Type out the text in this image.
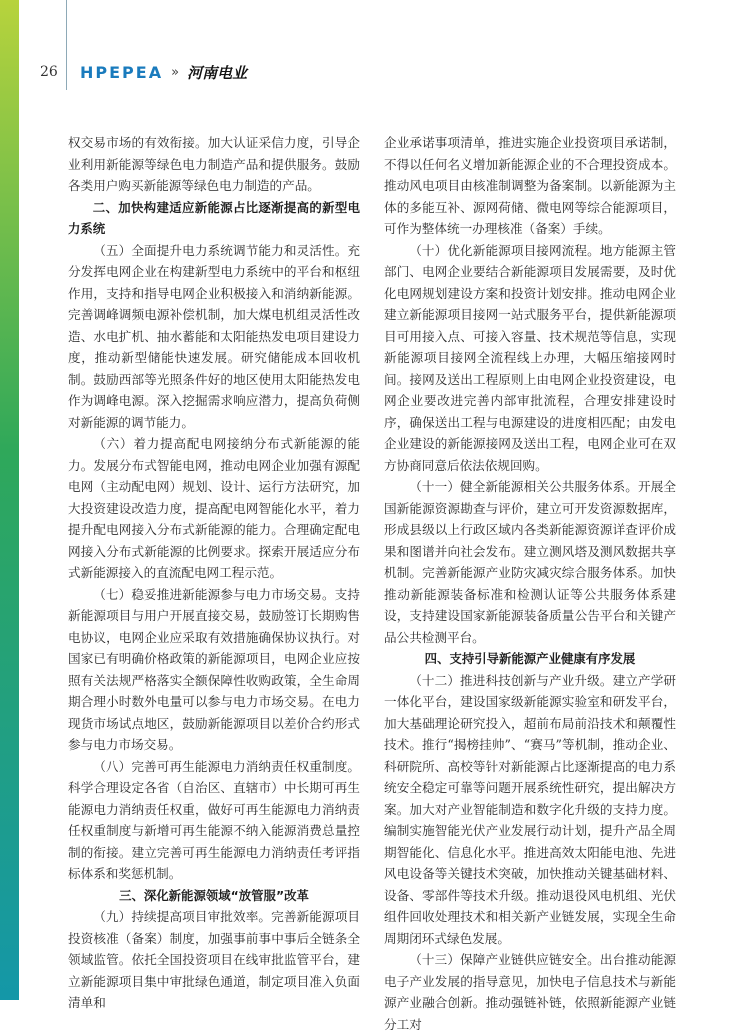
26 HPEPEA » 河南电业

权交易市场的有效衔接。加大认证采信力度，引导企业利用新能源等绿色电力制造产品和提供服务。鼓励各类用户购买新能源等绿色电力制造的产品。

二、加快构建适应新能源占比逐渐提高的新型电力系统

（五）全面提升电力系统调节能力和灵活性。充分发挥电网企业在构建新型电力系统中的平台和枢纽作用，支持和指导电网企业积极接入和消纳新能源。完善调峰调频电源补偿机制，加大煤电机组灵活性改造、水电扩机、抽水蓄能和太阳能热发电项目建设力度，推动新型储能快速发展。研究储能成本回收机制。鼓励西部等光照条件好的地区使用太阳能热发电作为调峰电源。深入挖掘需求响应潜力，提高负荷侧对新能源的调节能力。

（六）着力提高配电网接纳分布式新能源的能力。发展分布式智能电网，推动电网企业加强有源配电网（主动配电网）规划、设计、运行方法研究，加大投资建设改造力度，提高配电网智能化水平，着力提升配电网接入分布式新能源的能力。合理确定配电网接入分布式新能源的比例要求。探索开展适应分布式新能源接入的直流配电网工程示范。

（七）稳妥推进新能源参与电力市场交易。支持新能源项目与用户开展直接交易，鼓励签订长期购售电协议，电网企业应采取有效措施确保协议执行。对国家已有明确价格政策的新能源项目，电网企业应按照有关法规严格落实全额保障性收购政策，全生命周期合理小时数外电量可以参与电力市场交易。在电力现货市场试点地区，鼓励新能源项目以差价合约形式参与电力市场交易。

（八）完善可再生能源电力消纳责任权重制度。科学合理设定各省（自治区、直辖市）中长期可再生能源电力消纳责任权重，做好可再生能源电力消纳责任权重制度与新增可再生能源不纳入能源消费总量控制的衔接。建立完善可再生能源电力消纳责任考评指标体系和奖惩机制。

三、深化新能源领域“放管服”改革

（九）持续提高项目审批效率。完善新能源项目投资核准（备案）制度，加强事前事中事后全链条全领域监管。依托全国投资项目在线审批监管平台，建立新能源项目集中审批绿色通道，制定项目准入负面清单和

企业承诺事项清单，推进实施企业投资项目承诺制，不得以任何名义增加新能源企业的不合理投资成本。推动风电项目由核准制调整为备案制。以新能源为主体的多能互补、源网荷储、微电网等综合能源项目，可作为整体统一办理核准（备案）手续。

（十）优化新能源项目接网流程。地方能源主管部门、电网企业要结合新能源项目发展需要，及时优化电网规划建设方案和投资计划安排。推动电网企业建立新能源项目接网一站式服务平台，提供新能源项目可用接入点、可接入容量、技术规范等信息，实现新能源项目接网全流程线上办理，大幅压缩接网时间。接网及送出工程原则上由电网企业投资建设，电网企业要改进完善内部审批流程，合理安排建设时序，确保送出工程与电源建设的进度相匹配；由发电企业建设的新能源接网及送出工程，电网企业可在双方协商同意后依法依规回购。

（十一）健全新能源相关公共服务体系。开展全国新能源资源勘查与评价，建立可开发资源数据库，形成县级以上行政区域内各类新能源资源详查评价成果和图谱并向社会发布。建立测风塔及测风数据共享机制。完善新能源产业防灾减灾综合服务体系。加快推动新能源装备标准和检测认证等公共服务体系建设，支持建设国家新能源装备质量公告平台和关键产品公共检测平台。

四、支持引导新能源产业健康有序发展

（十二）推进科技创新与产业升级。建立产学研一体化平台，建设国家级新能源实验室和研发平台，加大基础理论研究投入，超前布局前沿技术和颠覆性技术。推行“揭榜挂帅”、“赛马”等机制，推动企业、科研院所、高校等针对新能源占比逐渐提高的电力系统安全稳定可靠等问题开展系统性研究，提出解决方案。加大对产业智能制造和数字化升级的支持力度。编制实施智能光伏产业发展行动计划，提升产品全周期智能化、信息化水平。推进高效太阳能电池、先进风电设备等关键技术突破，加快推动关键基础材料、设备、零部件等技术升级。推动退役风电机组、光伏组件回收处理技术和相关新产业链发展，实现全生命周期闭环式绿色发展。

（十三）保障产业链供应链安全。出台推动能源电子产业发展的指导意见，加快电子信息技术与新能源产业融合创新。推动强链补链，依照新能源产业链分工对
